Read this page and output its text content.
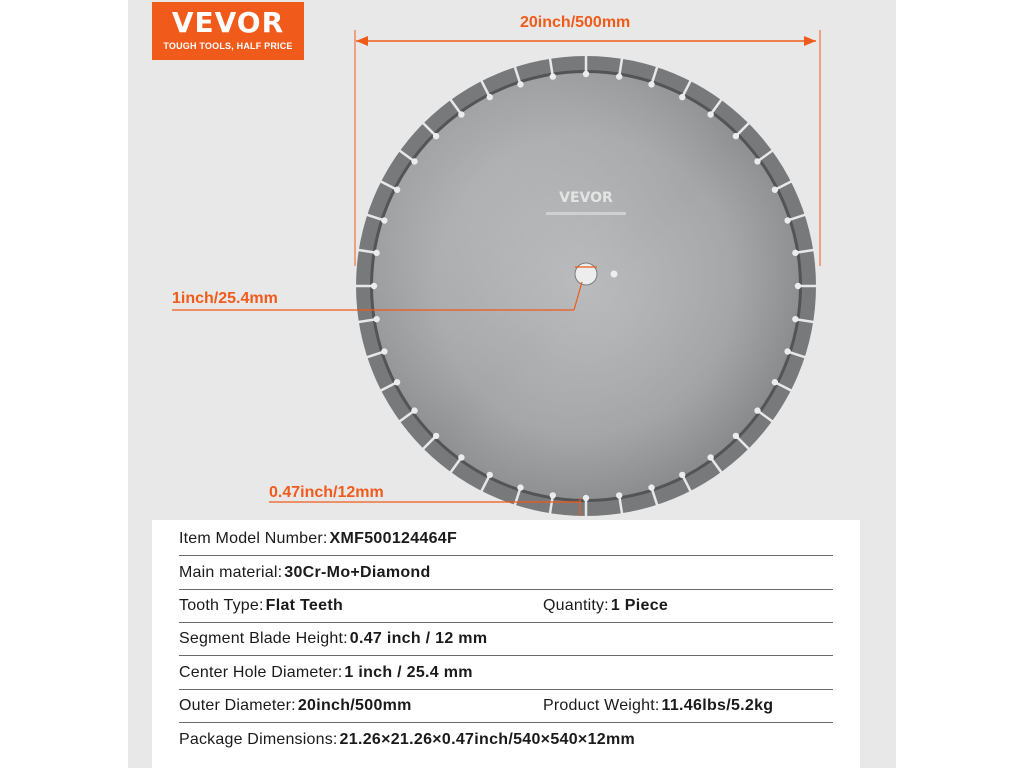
VEVOR
TOUGH TOOLS, HALF PRICE
VEVOR
20inch/500mm
1inch/25.4mm
0.47inch/12mm
Item Model Number: XMF500124464F
Main material: 30Cr-Mo+Diamond
Tooth Type: Flat Teeth	Quantity: 1 Piece
Segment Blade Height: 0.47 inch / 12 mm
Center Hole Diameter: 1 inch / 25.4 mm
Outer Diameter: 20inch/500mm	Product Weight: 11.46lbs/5.2kg
Package Dimensions: 21.26×21.26×0.47inch/540×540×12mm
